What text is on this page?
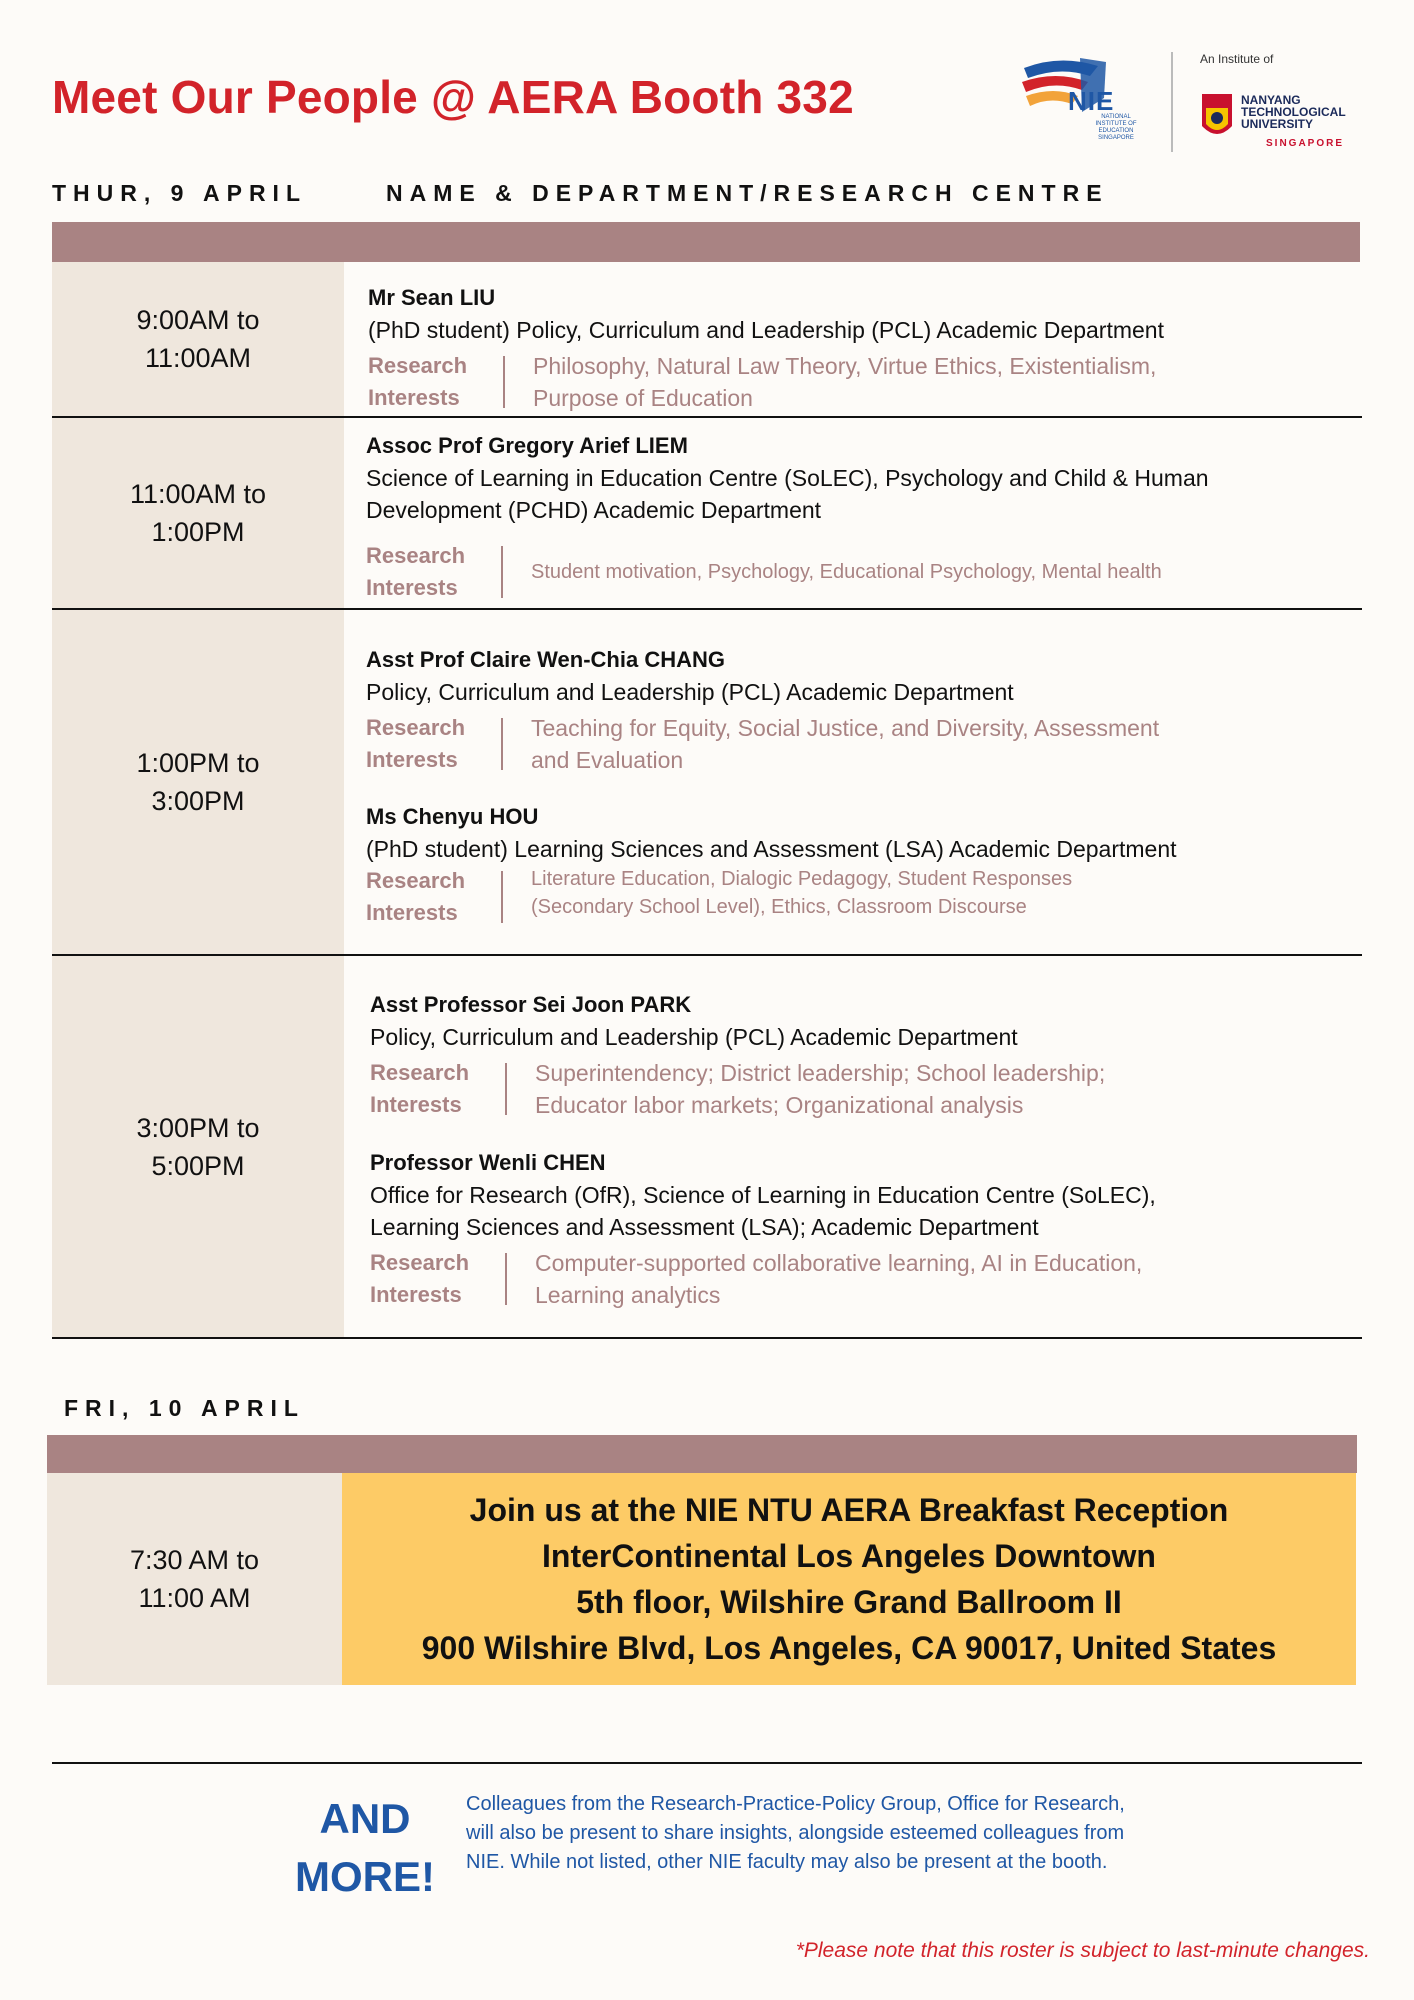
Meet Our People @ AERA Booth 332	NIE
NATIONAL INSTITUTE OF EDUCATION SINGAPORE
An Institute of
NANYANG TECHNOLOGICAL UNIVERSITY
SINGAPORE
THUR, 9 APRIL	NAME & DEPARTMENT/RESEARCH CENTRE
9:00AM to
11:00AM
11:00AM to
1:00PM
1:00PM to
3:00PM
3:00PM to
5:00PM
Mr Sean LIU
(PhD student) Policy, Curriculum and Leadership (PCL) Academic Department
Research
Interests
Philosophy, Natural Law Theory, Virtue Ethics, Existentialism,
Purpose of Education
Assoc Prof Gregory Arief LIEM
Science of Learning in Education Centre (SoLEC), Psychology and Child & Human
Development (PCHD) Academic Department
Research
Interests
Student motivation, Psychology, Educational Psychology, Mental health
Asst Prof Claire Wen-Chia CHANG
Policy, Curriculum and Leadership (PCL) Academic Department
Research
Interests
Teaching for Equity, Social Justice, and Diversity, Assessment
and Evaluation
Ms Chenyu HOU
(PhD student) Learning Sciences and Assessment (LSA) Academic Department
Research
Interests
Literature Education, Dialogic Pedagogy, Student Responses
(Secondary School Level), Ethics, Classroom Discourse
Asst Professor Sei Joon PARK
Policy, Curriculum and Leadership (PCL) Academic Department
Research
Interests
Superintendency; District leadership; School leadership;
Educator labor markets; Organizational analysis
Professor Wenli CHEN
Office for Research (OfR), Science of Learning in Education Centre (SoLEC),
Learning Sciences and Assessment (LSA); Academic Department
Research
Interests
Computer-supported collaborative learning, AI in Education,
Learning analytics
FRI, 10 APRIL
7:30 AM to
11:00 AM
Join us at the NIE NTU AERA Breakfast Reception
InterContinental Los Angeles Downtown
5th floor, Wilshire Grand Ballroom II
900 Wilshire Blvd, Los Angeles, CA 90017, United States
AND
MORE!
Colleagues from the Research-Practice-Policy Group, Office for Research, will also be present to share insights, alongside esteemed colleagues from NIE. While not listed, other NIE faculty may also be present at the booth.
*Please note that this roster is subject to last-minute changes.
